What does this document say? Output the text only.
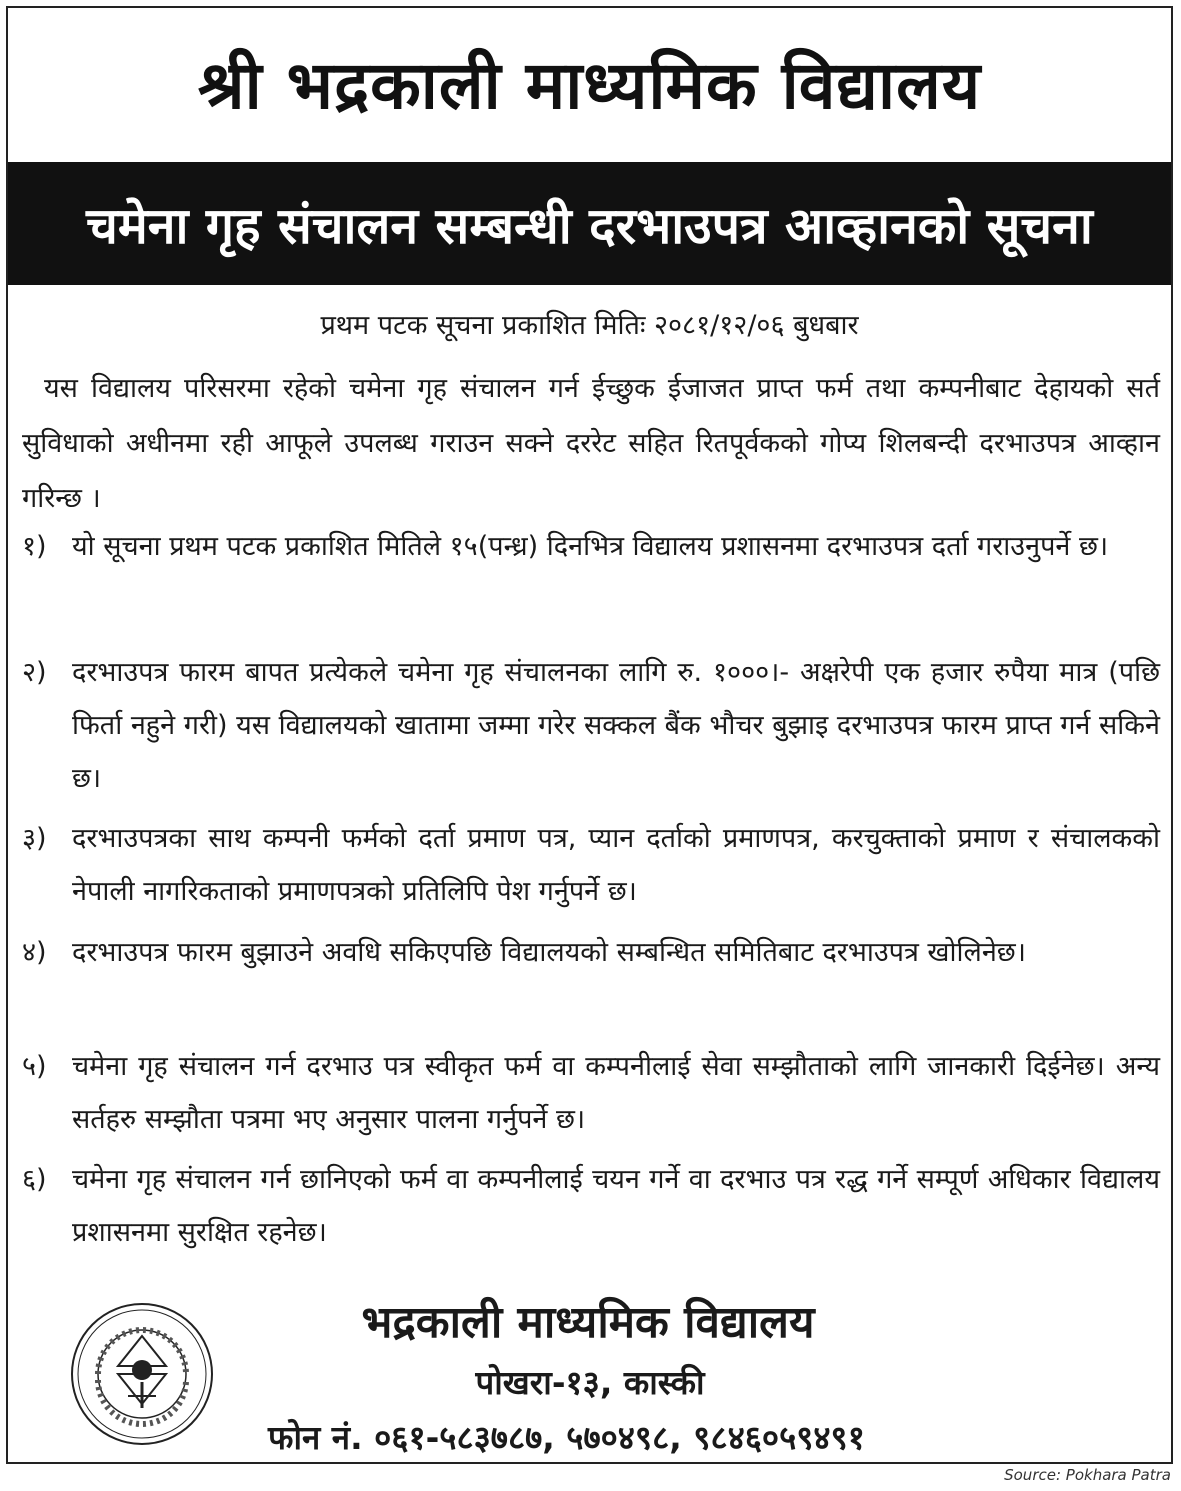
श्री भद्रकाली माध्यमिक विद्यालय
चमेना गृह संचालन सम्बन्धी दरभाउपत्र आव्हानको सूचना
प्रथम पटक सूचना प्रकाशित मितिः २०८१/१२/०६ बुधबार
यस विद्यालय परिसरमा रहेको चमेना गृह संचालन गर्न ईच्छुक ईजाजत प्राप्त फर्म तथा कम्पनीबाट देहायको सर्त सुविधाको अधीनमा रही आफूले उपलब्ध गराउन सक्ने दररेट सहित रितपूर्वकको गोप्य शिलबन्दी दरभाउपत्र आव्हान गरिन्छ ।
१) यो सूचना प्रथम पटक प्रकाशित मितिले १५(पन्ध्र) दिनभित्र विद्यालय प्रशासनमा दरभाउपत्र दर्ता गराउनुपर्ने छ।
२) दरभाउपत्र फारम बापत प्रत्येकले चमेना गृह संचालनका लागि रु. १०००।- अक्षरेपी एक हजार रुपैया मात्र (पछि फिर्ता नहुने गरी) यस विद्यालयको खातामा जम्मा गरेर सक्कल बैंक भौचर बुझाइ दरभाउपत्र फारम प्राप्त गर्न सकिने छ।
३) दरभाउपत्रका साथ कम्पनी फर्मको दर्ता प्रमाण पत्र, प्यान दर्ताको प्रमाणपत्र, करचुक्ताको प्रमाण र संचालकको नेपाली नागरिकताको प्रमाणपत्रको प्रतिलिपि पेश गर्नुपर्ने छ।
४) दरभाउपत्र फारम बुझाउने अवधि सकिएपछि विद्यालयको सम्बन्धित समितिबाट दरभाउपत्र खोलिनेछ।
५) चमेना गृह संचालन गर्न दरभाउ पत्र स्वीकृत फर्म वा कम्पनीलाई सेवा सम्झौताको लागि जानकारी दिईनेछ। अन्य सर्तहरु सम्झौता पत्रमा भए अनुसार पालना गर्नुपर्ने छ।
६) चमेना गृह संचालन गर्न छानिएको फर्म वा कम्पनीलाई चयन गर्ने वा दरभाउ पत्र रद्ध गर्ने सम्पूर्ण अधिकार विद्यालय प्रशासनमा सुरक्षित रहनेछ।
भद्रकाली माध्यमिक विद्यालय
पोखरा-१३, कास्की
फोन नं. ०६१-५८३७८७, ५७०४९८, ९८४६०५९४९१
Source: Pokhara Patra
